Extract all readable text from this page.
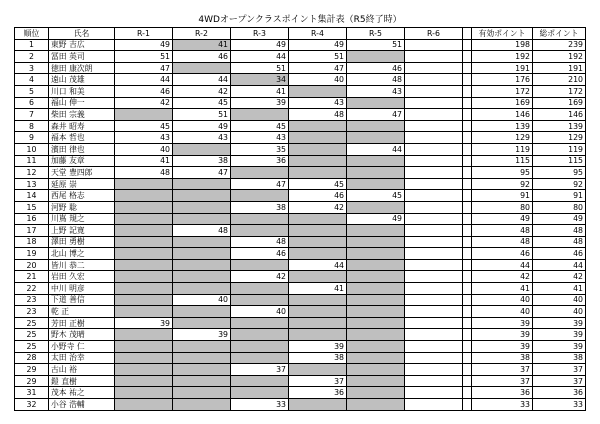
4WDオープンクラスポイント集計表（R5終了時）
順位	氏名	R-1	R-2	R-3	R-4	R-5	R-6		有効ポイント	総ポイント
1	東野 吉広	49	41	49	49	51			198	239
2	冨田 英司	51	46	44	51				192	192
3	徳田 康次朗	47		51	47	46			191	191
4	遠山 茂雄	44	44	34	40	48			176	210
5	川口 和美	46	42	41		43			172	172
6	福山 伸一	42	45	39	43				169	169
7	柴田 宗義		51		48	47			146	146
8	森井 昭寿	45	49	45					139	139
9	福本 哲也	43	43	43					129	129
10	濱田 律也	40		35		44			119	119
11	加藤 友章	41	38	36					115	115
12	天堂 豊四郎	48	47						95	95
13	延原 崇			47	45				92	92
14	西尾 格志				46	45			91	91
15	河野 聡			38	42				80	80
16	川嶌 規之					49			49	49
17	上野 記寛		48						48	48
18	澤田 勇樹			48					48	48
19	北山 博之			46					46	46
20	皆川 恭二				44				44	44
21	岩田 久宏			42					42	42
22	中川 明彦				41				41	41
23	下道 善信		40						40	40
23	乾 正			40					40	40
25	芳田 正樹	39							39	39
25	野木 茂晴		39						39	39
25	小野寺 仁				39				39	39
28	太田 治幸				38				38	38
29	古山 裕			37					37	37
29	鎧 直樹				37				37	37
31	茂本 祐之				36				36	36
32	小谷 浩輔			33					33	33
